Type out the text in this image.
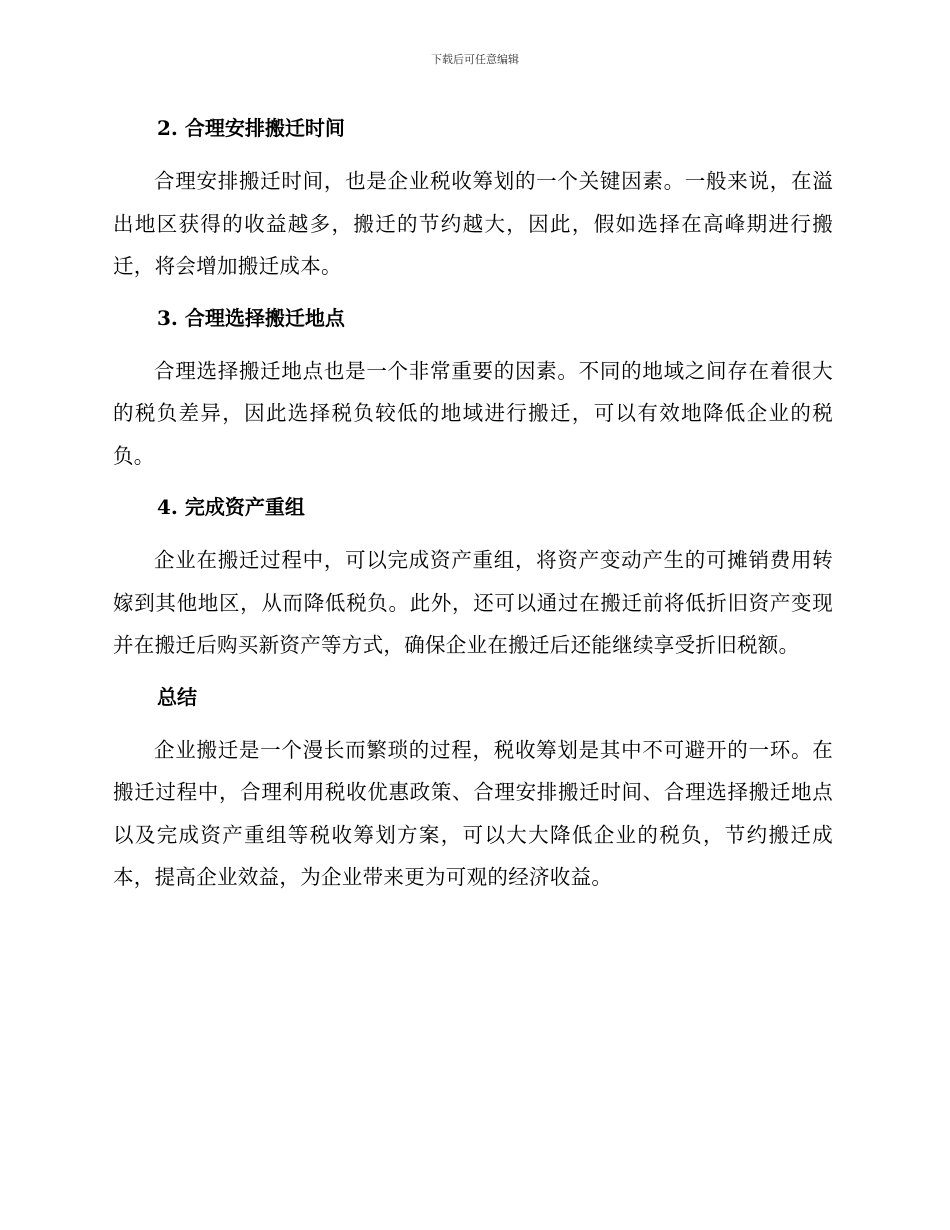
下载后可任意编辑
2. 合理安排搬迁时间

合理安排搬迁时间，也是企业税收筹划的一个关键因素。一般来说，在溢出地区获得的收益越多，搬迁的节约越大，因此，假如选择在高峰期进行搬迁，将会增加搬迁成本。

3. 合理选择搬迁地点

合理选择搬迁地点也是一个非常重要的因素。不同的地域之间存在着很大的税负差异，因此选择税负较低的地域进行搬迁，可以有效地降低企业的税负。

4. 完成资产重组

企业在搬迁过程中，可以完成资产重组，将资产变动产生的可摊销费用转嫁到其他地区，从而降低税负。此外，还可以通过在搬迁前将低折旧资产变现并在搬迁后购买新资产等方式，确保企业在搬迁后还能继续享受折旧税额。

总结

企业搬迁是一个漫长而繁琐的过程，税收筹划是其中不可避开的一环。在搬迁过程中，合理利用税收优惠政策、合理安排搬迁时间、合理选择搬迁地点以及完成资产重组等税收筹划方案，可以大大降低企业的税负，节约搬迁成本，提高企业效益，为企业带来更为可观的经济收益。
